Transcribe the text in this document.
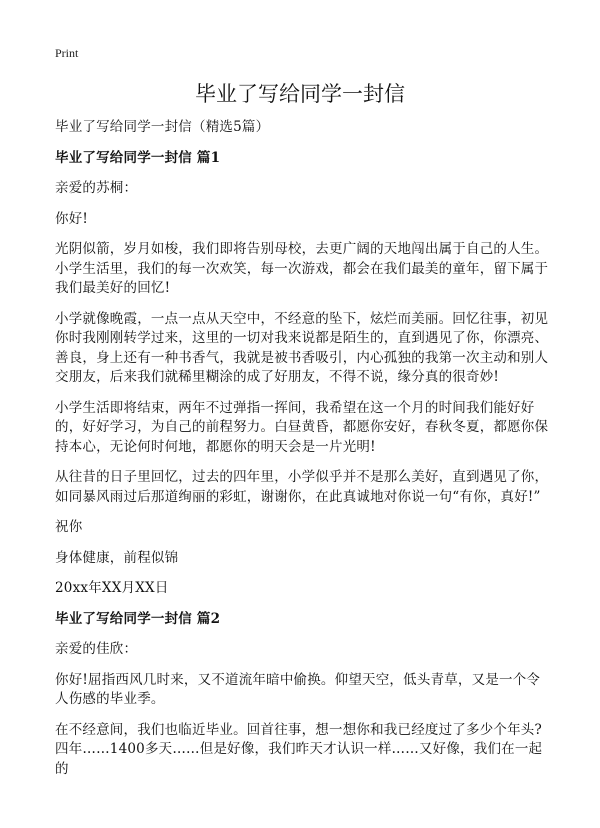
Print
毕业了写给同学一封信

毕业了写给同学一封信（精选5篇）

毕业了写给同学一封信 篇1

亲爱的苏桐：

你好!

光阴似箭，岁月如梭，我们即将告别母校，去更广阔的天地闯出属于自己的人生。小学生活里，我们的每一次欢笑，每一次游戏，都会在我们最美的童年，留下属于我们最美好的回忆!

小学就像晚霞，一点一点从天空中，不经意的坠下，炫烂而美丽。回忆往事，初见你时我刚刚转学过来，这里的一切对我来说都是陌生的，直到遇见了你，你漂亮、善良，身上还有一种书香气，我就是被书香吸引，内心孤独的我第一次主动和别人交朋友，后来我们就稀里糊涂的成了好朋友，不得不说，缘分真的很奇妙!

小学生活即将结束，两年不过弹指一挥间，我希望在这一个月的时间我们能好好的，好好学习，为自己的前程努力。白昼黄昏，都愿你安好，春秋冬夏，都愿你保持本心，无论何时何地，都愿你的明天会是一片光明!

从往昔的日子里回忆，过去的四年里，小学似乎并不是那么美好，直到遇见了你，如同暴风雨过后那道绚丽的彩虹，谢谢你，在此真诚地对你说一句“有你，真好!”

祝你

身体健康，前程似锦

20xx年XX月XX日

毕业了写给同学一封信 篇2

亲爱的佳欣：

你好!屈指西风几时来，又不道流年暗中偷换。仰望天空，低头青草，又是一个令人伤感的毕业季。

在不经意间，我们也临近毕业。回首往事，想一想你和我已经度过了多少个年头?

四年……1400多天……但是好像，我们昨天才认识一样……又好像，我们在一起的
